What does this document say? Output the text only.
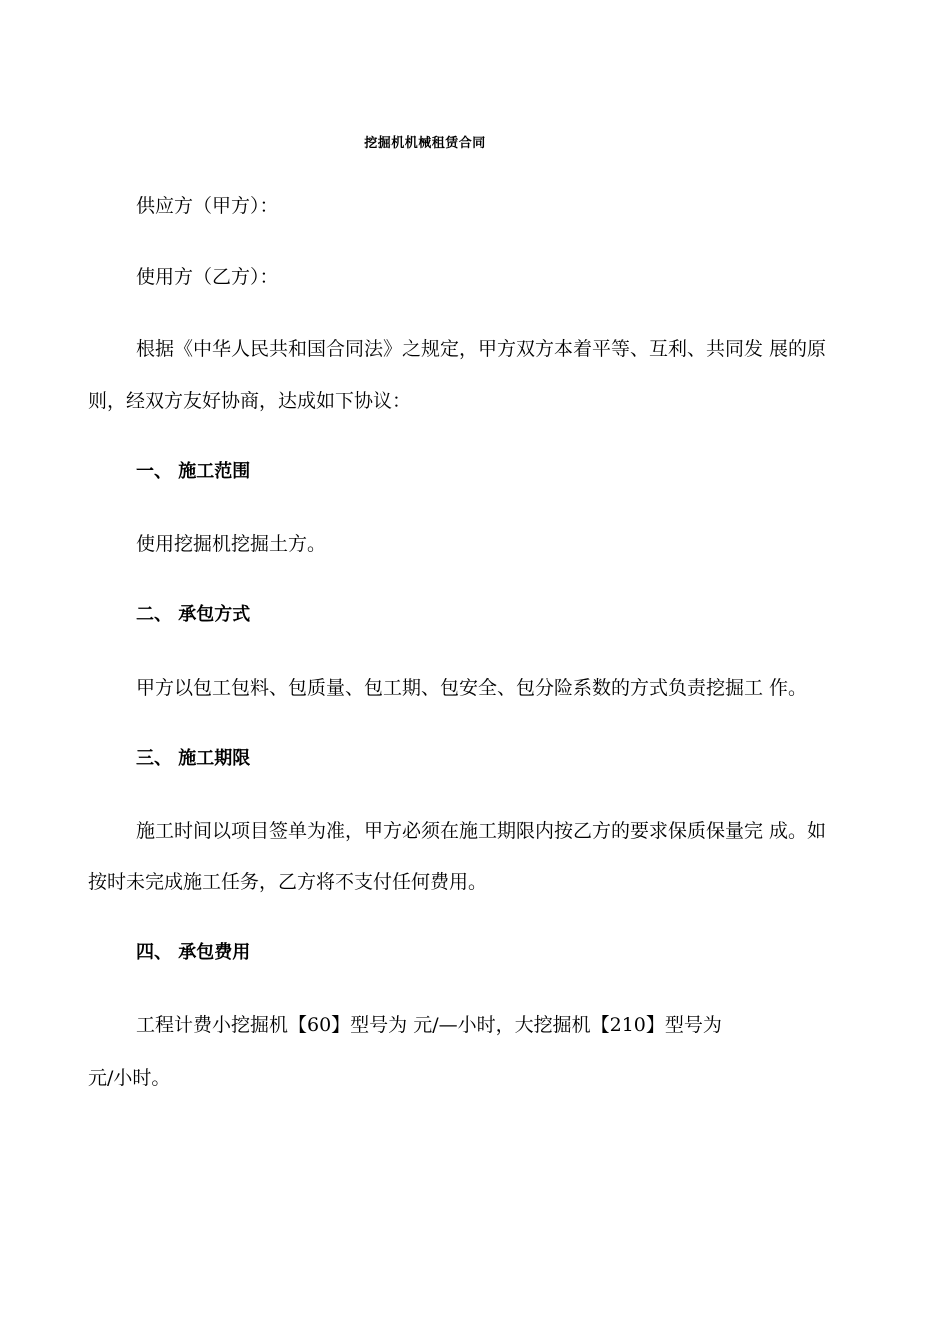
挖掘机机械租赁合同
供应方（甲方）：
使用方（乙方）：
根据《中华人民共和国合同法》之规定，甲方双方本着平等、互利、共同发 展的原
则，经双方友好协商，达成如下协议：
一、 施工范围
使用挖掘机挖掘土方。
二、 承包方式
甲方以包工包料、包质量、包工期、包安全、包分险系数的方式负责挖掘工 作。
三、 施工期限
施工时间以项目签单为准，甲方必须在施工期限内按乙方的要求保质保量完 成。如
按时未完成施工任务，乙方将不支付任何费用。
四、 承包费用
工程计费小挖掘机【60】型号为 元/—小时，大挖掘机【210】型号为
元/小时。
